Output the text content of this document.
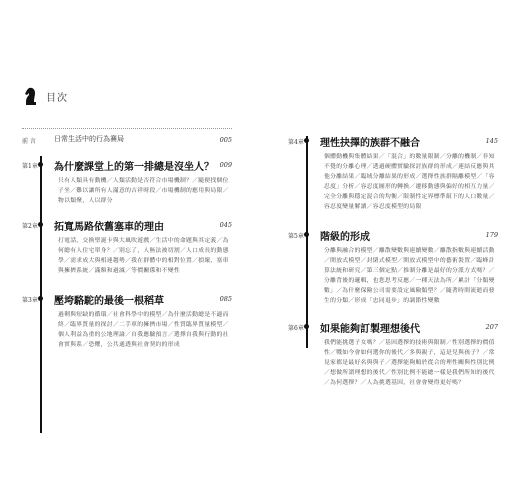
目次
前 言	日常生活中的行為賽局	005
第1章	為什麼課堂上的第一排總是沒坐人？ 009
只有人類具有動機／人類活動是否符合市場機制？／隨便找個位子坐／難以讓所有人滿意的吉祥時段／市場機制的應用與局限／物以類聚，人以群分
第2章	拓寬馬路依舊塞車的理由	045
打電話，交換聖誕卡與大風吹遊戲／生活中的命題與其定義／為何總有人住宅單身？／別忘了，人無法被切割／人口成長的動態學／需求成大與相連趨勢／我在群體中的相對位置／損壞，塞車與擁擠系統／滿額和過滅／等價關係和不變性
第3章	壓垮駱駝的最後一根稻草	085
過剩與短缺的循環／社會科學中的模型／為什麼活動總是不適而終／臨界質量的探討／二手車的擁擠市場／性質臨界質量模型／個人利益為重的公地理論／自我應驗預言／選擇自我與行動的社會實與系／恐懼，公共通透與社會契約的形成
第4章	理性抉擇的族群不融合	145
個體動機與集體結果／「混合」的數量限制／分離的機制／非知不覺的分離心理／透過硬體實驗探討族群的形成／連結反應與其他分離結果／臨域分離結果的形成／選擇性族群隔離模型／「容忍度」分析／容忍度圖形的轉換／遷移動態與偏好的相互力量／完全分離與穩定混合的均衡／限制性定界標準組下的人口數量／容忍度變量解讀／容忍度模型的局限
第5章	階級的形成	179
分離與融合的模型／離散變數與連續變數／離散指數與連續活動／開放式模型／封閉式模型／開放式模型中的藝術裝置／臨峰計算法統和研究／第三個定點／推制分離是最好的分派方式嗎？／分離背後的邏輯，也您思考反應／一種天法為所／累計「分類變數」／為什麼保險公司需要設定風險類型？／隨著時間流逝而發生的分類／形成「忠同退步」的調節性變數
第6章	如果能夠訂製理想後代	207
我們能挑選子女嗎？／基因選擇的技術與限制／性別選擇的價值性／戰如今會如何選你的後代／多與親子，這是兒與孩子？／常見家都是最好名與與子／選擇能夠順於從合的理性關與性別比例／想做所謂理想的後代／性別比例不能總一樣是我們所知的後代／為何選擇？／人為挑選基因，社會會變得更好嗎？
